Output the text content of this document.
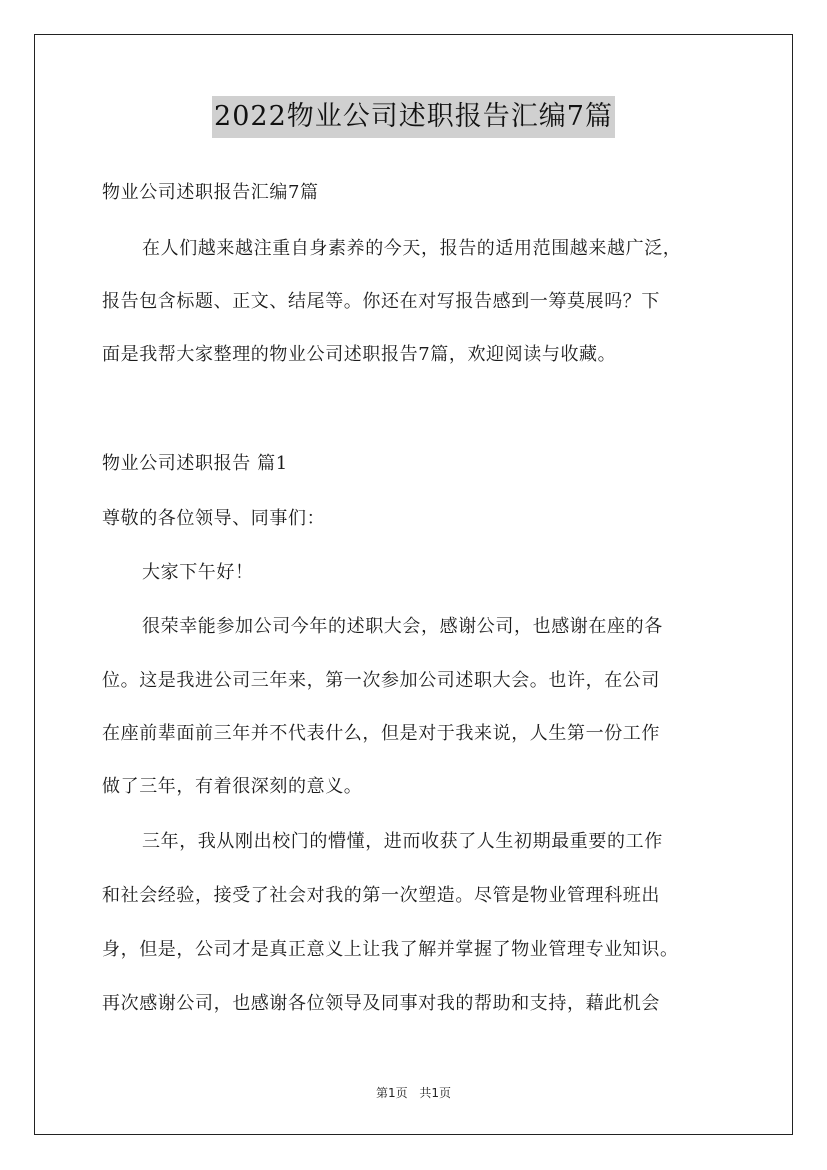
2022物业公司述职报告汇编7篇
物业公司述职报告汇编7篇
在人们越来越注重自身素养的今天，报告的适用范围越来越广泛，
报告包含标题、正文、结尾等。你还在对写报告感到一筹莫展吗？下
面是我帮大家整理的物业公司述职报告7篇，欢迎阅读与收藏。
物业公司述职报告 篇1
尊敬的各位领导、同事们：
大家下午好！
很荣幸能参加公司今年的述职大会，感谢公司，也感谢在座的各
位。这是我进公司三年来，第一次参加公司述职大会。也许，在公司
在座前辈面前三年并不代表什么，但是对于我来说，人生第一份工作
做了三年，有着很深刻的意义。
三年，我从刚出校门的懵懂，进而收获了人生初期最重要的工作
和社会经验，接受了社会对我的第一次塑造。尽管是物业管理科班出
身，但是，公司才是真正意义上让我了解并掌握了物业管理专业知识。
再次感谢公司，也感谢各位领导及同事对我的帮助和支持，藉此机会
第1页 共1页
